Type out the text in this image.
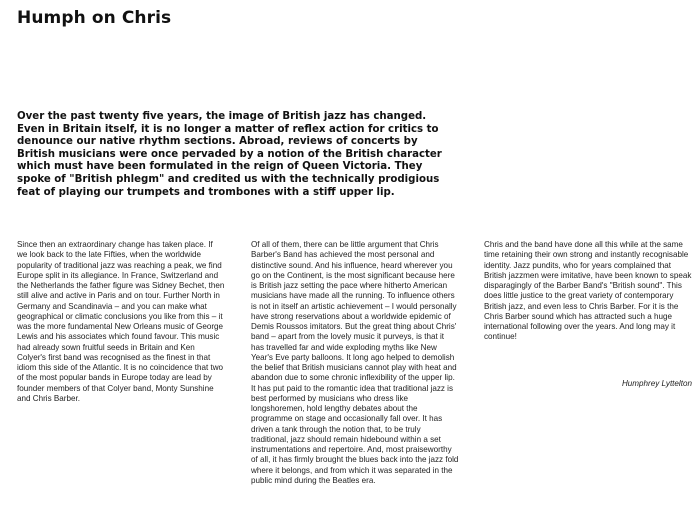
Humph on Chris

Over the past twenty five years, the image of British jazz has changed. Even in Britain itself, it is no longer a matter of reflex action for critics to denounce our native rhythm sections. Abroad, reviews of concerts by British musicians were once pervaded by a notion of the British character which must have been formulated in the reign of Queen Victoria. They spoke of "British phlegm" and credited us with the technically prodigious feat of playing our trumpets and trombones with a stiff upper lip.

Since then an extraordinary change has taken place. If we look back to the late Fifties, when the worldwide popularity of traditional jazz was reaching a peak, we find Europe split in its allegiance. In France, Switzerland and the Netherlands the father figure was Sidney Bechet, then still alive and active in Paris and on tour. Further North in Germany and Scandinavia – and you can make what geographical or climatic conclusions you like from this – it was the more fundamental New Orleans music of George Lewis and his associates which found favour. This music had already sown fruitful seeds in Britain and Ken Colyer's first band was recognised as the finest in that idiom this side of the Atlantic. It is no coincidence that two of the most popular bands in Europe today are lead by founder members of that Colyer band, Monty Sunshine and Chris Barber.

Of all of them, there can be little argument that Chris Barber's Band has achieved the most personal and distinctive sound. And his influence, heard wherever you go on the Continent, is the most significant because here is British jazz setting the pace where hitherto American musicians have made all the running. To influence others is not in itself an artistic achievement – I would personally have strong reservations about a worldwide epidemic of Demis Roussos imitators. But the great thing about Chris' band – apart from the lovely music it purveys, is that it has travelled far and wide exploding myths like New Year's Eve party balloons. It long ago helped to demolish the belief that British musicians cannot play with heat and abandon due to some chronic inflexibility of the upper lip. It has put paid to the romantic idea that traditional jazz is best performed by musicians who dress like longshoremen, hold lengthy debates about the programme on stage and occasionally fall over. It has driven a tank through the notion that, to be truly traditional, jazz should remain hidebound within a set instrumentations and repertoire. And, most praiseworthy of all, it has firmly brought the blues back into the jazz fold where it belongs, and from which it was separated in the public mind during the Beatles era.

Chris and the band have done all this while at the same time retaining their own strong and instantly recognisable identity. Jazz pundits, who for years complained that British jazzmen were imitative, have been known to speak disparagingly of the Barber Band's "British sound". This does little justice to the great variety of contemporary British jazz, and even less to Chris Barber. For it is the Chris Barber sound which has attracted such a huge international following over the years. And long may it continue!

Humphrey Lyttelton
